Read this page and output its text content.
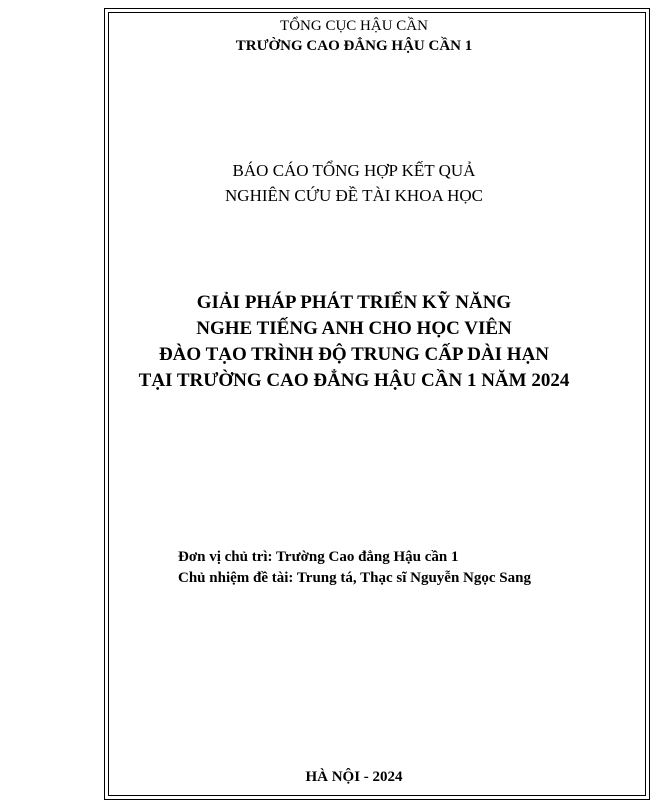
TỔNG CỤC HẬU CẦN
TRƯỜNG CAO ĐẲNG HẬU CẦN 1
BÁO CÁO TỔNG HỢP KẾT QUẢ
NGHIÊN CỨU ĐỀ TÀI KHOA HỌC
GIẢI PHÁP PHÁT TRIỂN KỸ NĂNG
NGHE TIẾNG ANH CHO HỌC VIÊN
ĐÀO TẠO TRÌNH ĐỘ TRUNG CẤP DÀI HẠN
TẠI TRƯỜNG CAO ĐẲNG HẬU CẦN 1 NĂM 2024
Đơn vị chủ trì: Trường Cao đẳng Hậu cần 1
Chủ nhiệm đề tài: Trung tá, Thạc sĩ Nguyễn Ngọc Sang
HÀ NỘI - 2024
